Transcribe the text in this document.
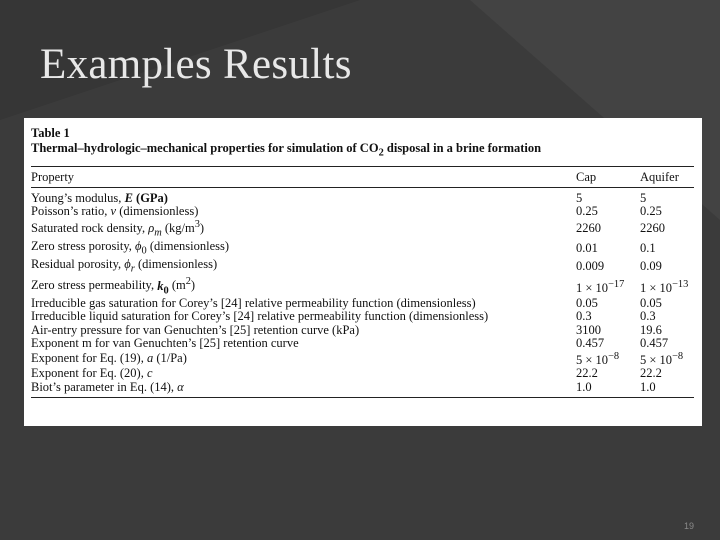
Examples Results
Table 1
Thermal–hydrologic–mechanical properties for simulation of $CO_2$ disposal in a brine formation
Property	Cap	Aquifer

Young’s modulus, E (GPa)	5	5
Poisson’s ratio, v (dimensionless)	0.25	0.25
Saturated rock density, $\rho_m$ $(kg/m^3)$	2260	2260
Zero stress porosity, $\phi_0$ (dimensionless)	0.01	0.1
Residual porosity, $\phi_r$ (dimensionless)	0.009	0.09
Zero stress permeability, $k_0$ $(m^2)$	$1 \times 10^{-17}$	$1 \times 10^{-13}$
Irreducible gas saturation for Corey’s [24] relative permeability function (dimensionless)	0.05	0.05
Irreducible liquid saturation for Corey’s [24] relative permeability function (dimensionless)	0.3	0.3
Air-entry pressure for van Genuchten’s [25] retention curve (kPa)	3100	19.6
Exponent m for van Genuchten’s [25] retention curve	0.457	0.457
Exponent for Eq. (19), a (1/Pa)	$5 \times 10^{-8}$	$5 \times 10^{-8}$
Exponent for Eq. (20), c	22.2	22.2
Biot’s parameter in Eq. (14), α	1.0	1.0
19
